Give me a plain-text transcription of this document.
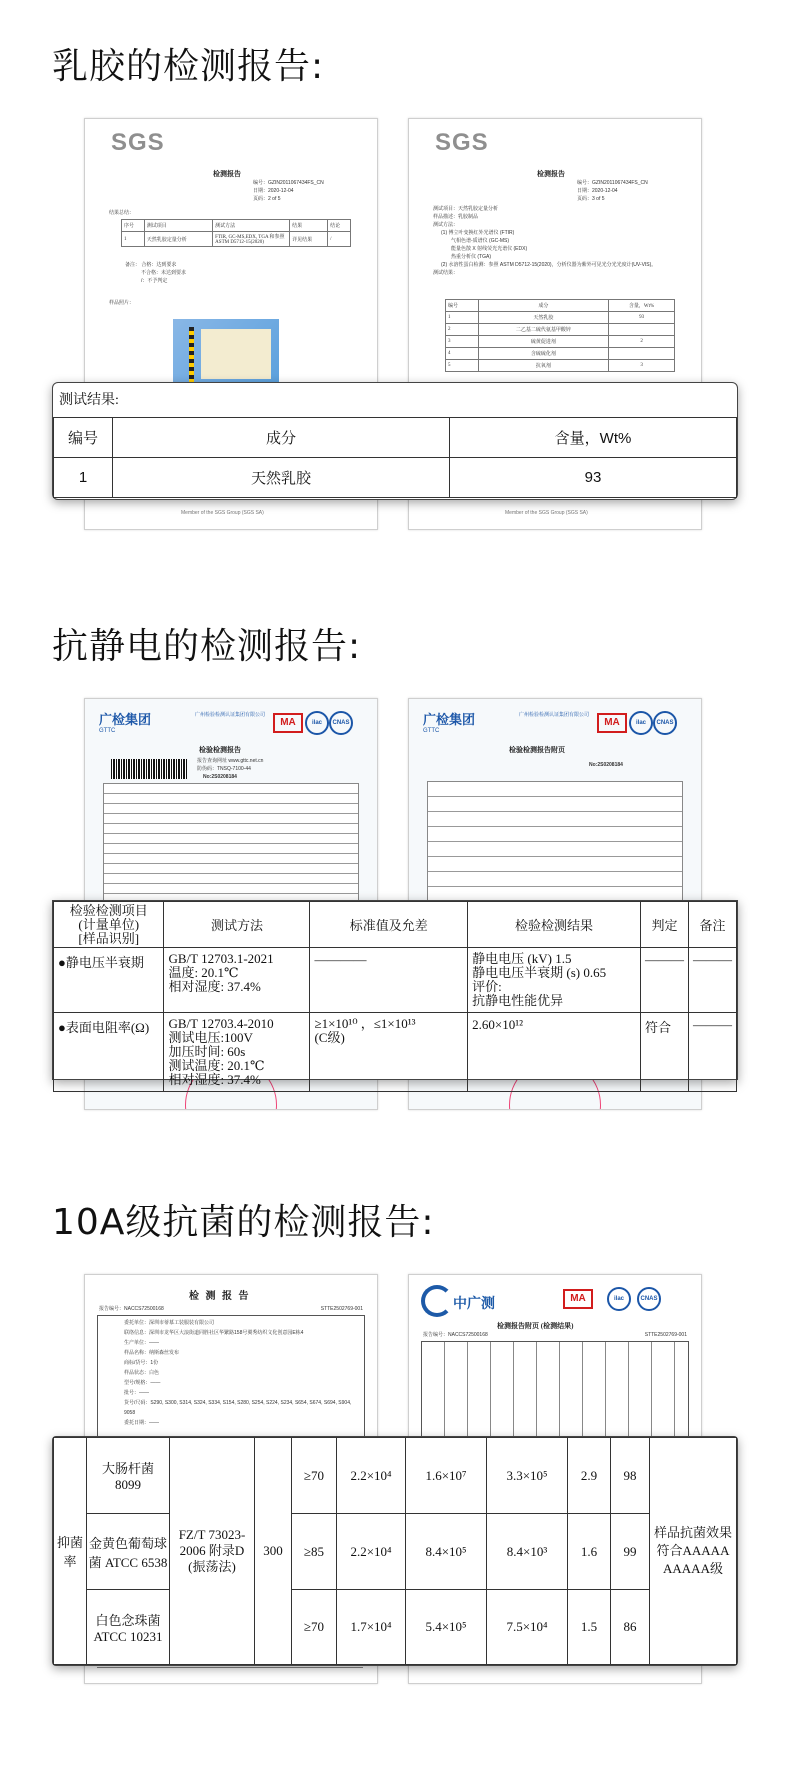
乳胶的检测报告:
SGS
检测报告
编号：GZIN2011067434FS_CN
日期：2020-12-04
页码：2 of 5
结果总结：
序号	测试项目	测试方法	结果	结论
1	天然乳胶定量分析	FTIR, GC-MS,EDX, TGA 和参照 ASTM D5712-15(2020)	详见结果	/
备注： 合格：达到要求
不合格：未达到要求
/：不予判定
样品照片：
Member of the SGS Group (SGS SA)
SGS
检测报告
编号：GZIN2011067434FS_CN
日期：2020-12-04
页码：3 of 5
测试项目：天然乳胶定量分析
样品描述：乳胶制品
测试方法：
(1) 傅立叶变换红外光谱仪 (FTIR)
气相色谱-质谱仪 (GC-MS)
能量色散 X 射线荧光光谱仪 (EDX)
热重分析仪 (TGA)
(2) 水溶性蛋白检测：参照 ASTM D5712-15(2020)，分析仪器为紫外可见光分光光度计(UV-VIS)。
测试结果：
编号	成分	含量，Wt%
1	天然乳胶	93
2	二乙基二硫代氨基甲酸锌	
3	硫黄促进剂	2
4	含硫硫化剂	
5	抗氧剂	3
Member of the SGS Group (SGS SA)
测试结果:
编号	成分	含量，Wt%
1	天然乳胶	93
抗静电的检测报告:
广检集团
GTTC
广州检验检测认证集团有限公司
MA	ilac	CNAS
检验检测报告
报告查询网址 www.gttc.net.cn
防伪码：TNSQ-7100-44
No:2S0208184
广检集团
GTTC
广州检验检测认证集团有限公司
MA	ilac	CNAS
检验检测报告附页
No:2S0208184
检验检测项目
(计量单位)
[样品识别]	测试方法	标准值及允差	检验检测结果	判定	备注
●静电压半衰期	GB/T 12703.1-2021
温度: 20.1℃
相对湿度: 37.4%	————	静电电压 (kV) 1.5
静电电压半衰期 (s) 0.65
评价:
抗静电性能优异	———	———
●表面电阻率(Ω)	GB/T 12703.4-2010
测试电压:100V
加压时间: 60s
测试温度: 20.1℃
相对湿度: 37.4%	≥1×10¹⁰ ，≤1×10¹³
(C级)	2.60×10¹²	符合	———
10A级抗菌的检测报告:
检 测 报 告
报告编号：NACCS72500168	STTE2502769-001
委托单位：深圳市蒂慕工装服装有限公司
联络信息：深圳市龙华区大浪街道同胜社区华繁路158号翼秀纺织文化创意园E栋4
生产单位：——
样品名称：纳斯森丝发布
商标/货号：1份
样品状态：白色
型号/规格：——
批号：——
货号/尺码：S290, S300, S314, S324, S334, S154, S280, S254, S224, S234, S654, S674, S694, S904, 9058
委托日期：——
中广测	MA	ilac	CNAS
检测报告附页 (检测结果)
报告编号：NACCS72500168	STTE2502769-001
抑菌率	大肠杆菌 8099	FZ/T 73023-2006 附录D (振荡法)	300	≥70	2.2×10⁴	1.6×10⁷	3.3×10⁵	2.9	98	样品抗菌效果符合AAAAAAAAAA级
	金黄色葡萄球菌 ATCC 6538			≥85	2.2×10⁴	8.4×10⁵	8.4×10³	1.6	99	
	白色念珠菌 ATCC 10231			≥70	1.7×10⁴	5.4×10⁵	7.5×10⁴	1.5	86	
